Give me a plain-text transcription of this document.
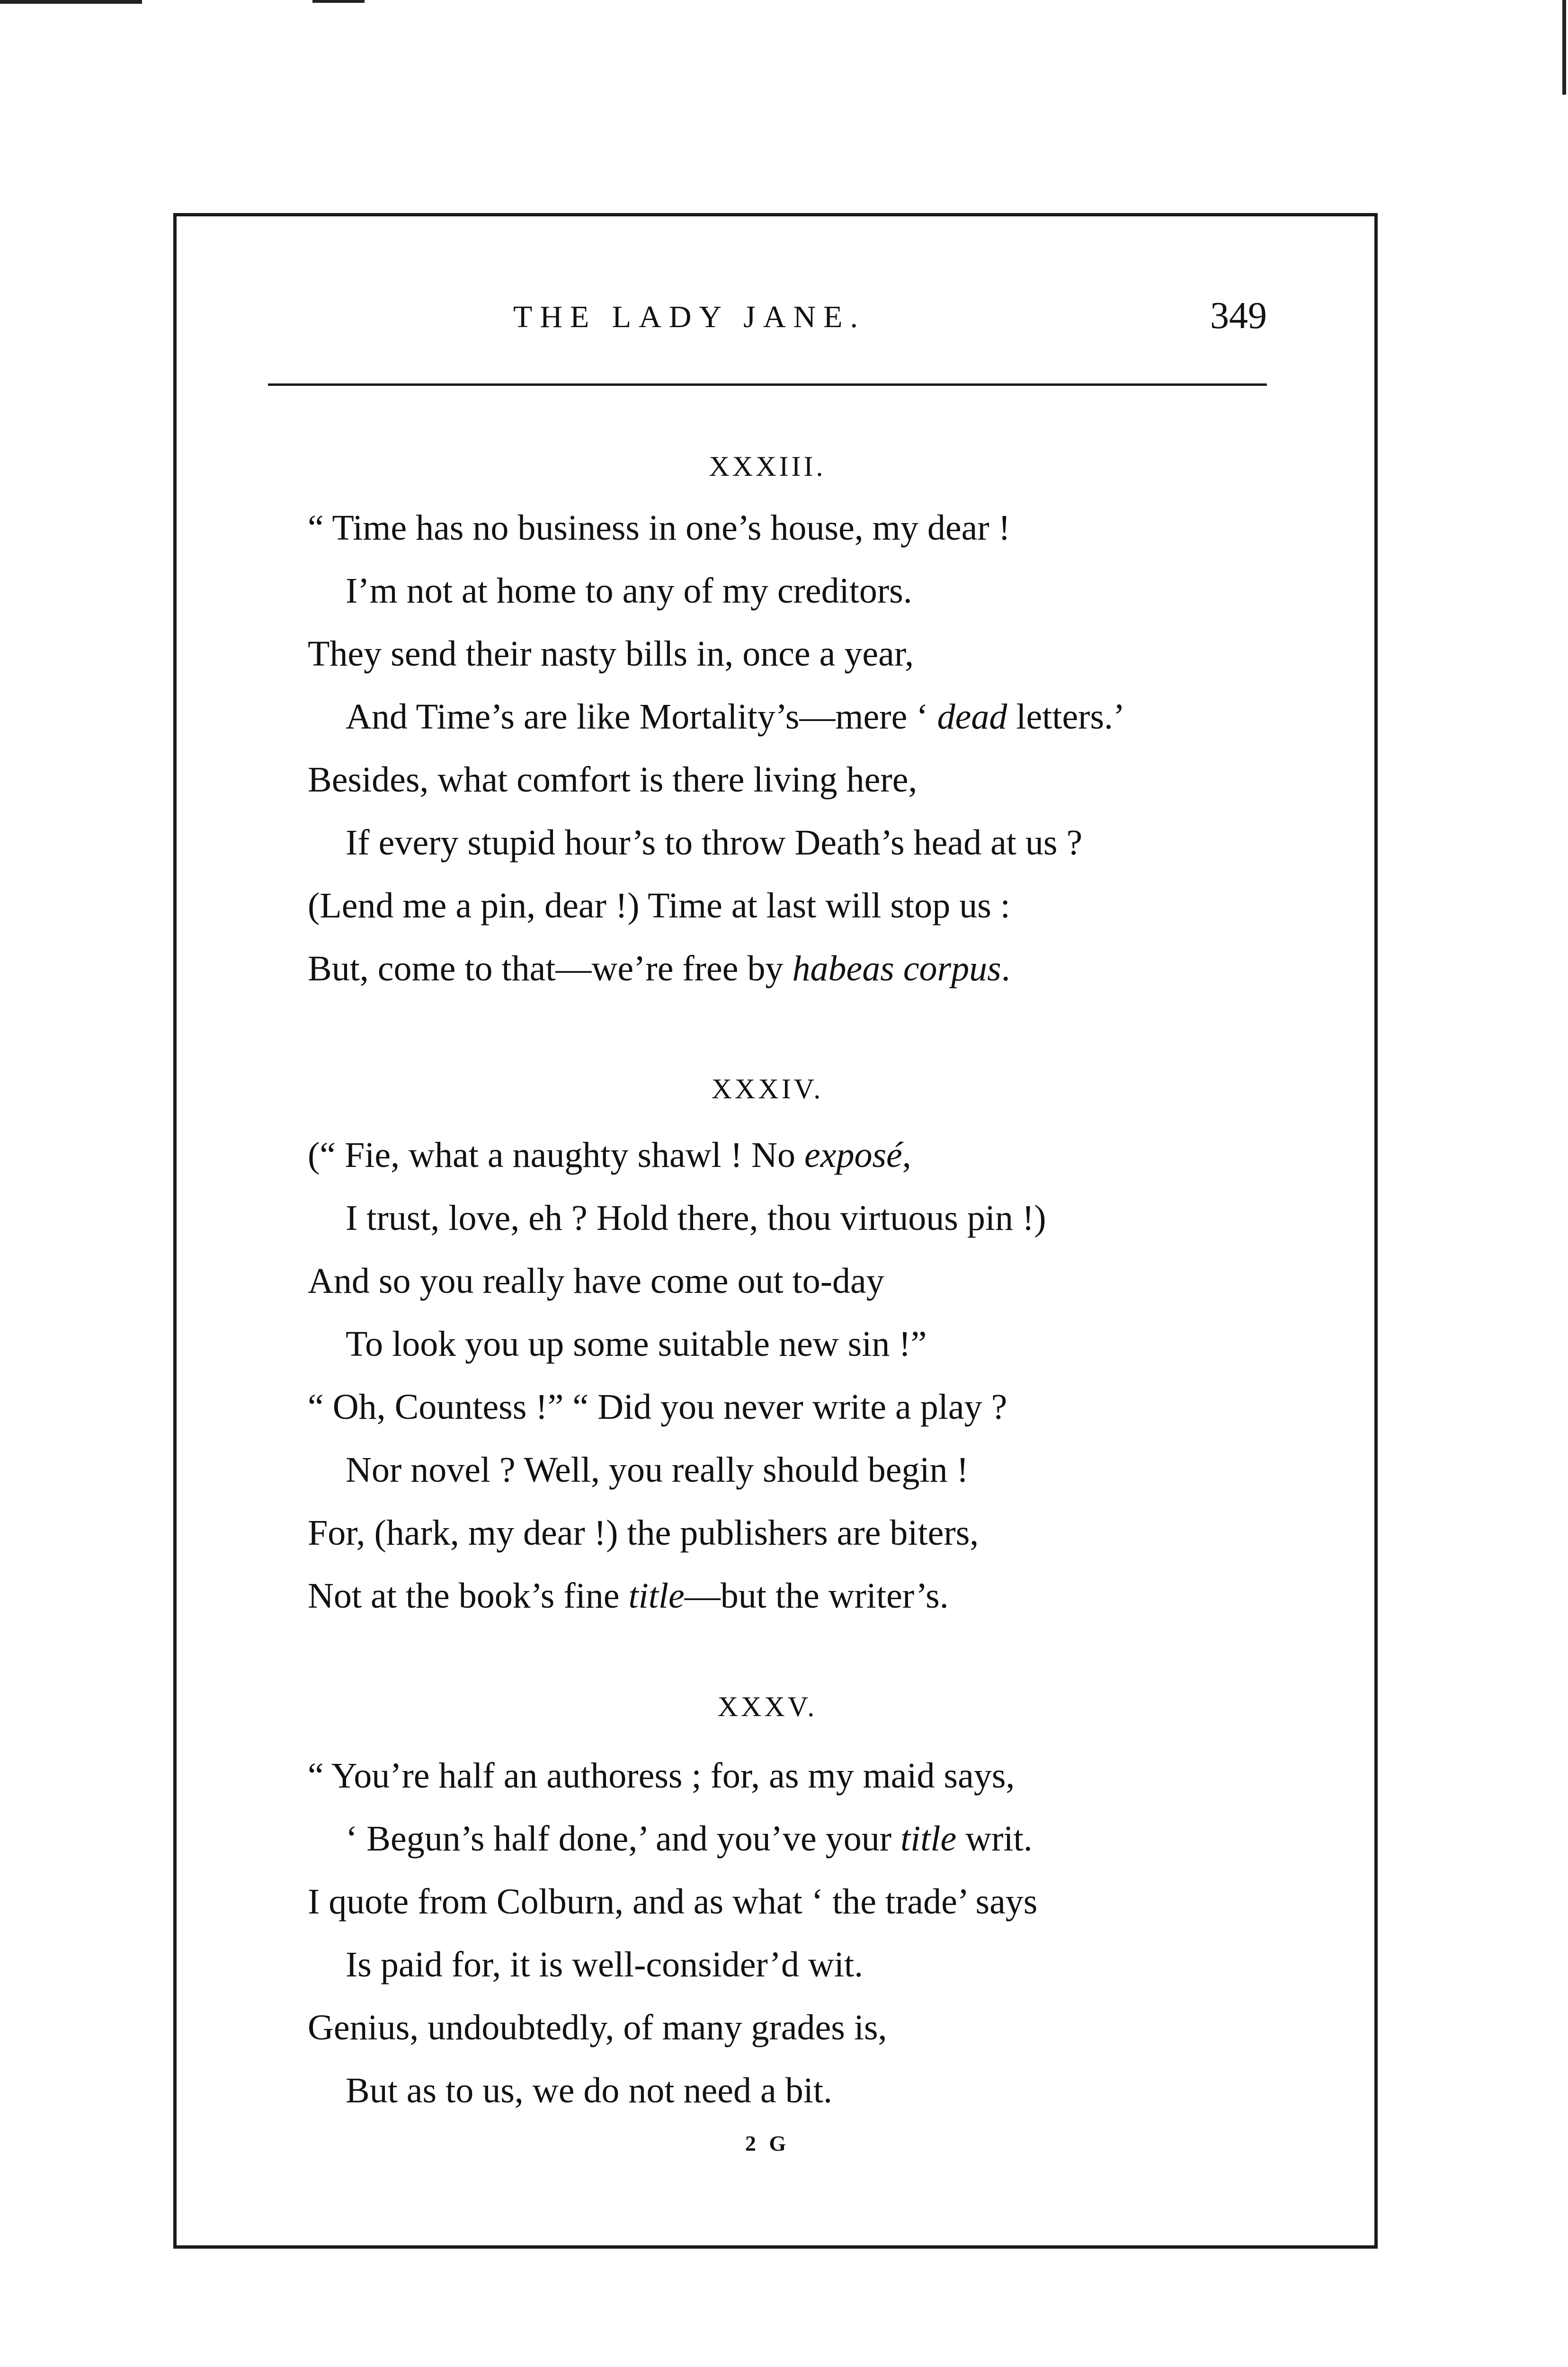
THE LADY JANE.	349
XXXIII.
“ Time has no business in one’s house, my dear !
I’m not at home to any of my creditors.
They send their nasty bills in, once a year,
And Time’s are like Mortality’s—mere ‘ dead letters.’
Besides, what comfort is there living here,
If every stupid hour’s to throw Death’s head at us ?
(Lend me a pin, dear !) Time at last will stop us :
But, come to that—we’re free by habeas corpus.
XXXIV.
(“ Fie, what a naughty shawl ! No exposé,
I trust, love, eh ? Hold there, thou virtuous pin !)
And so you really have come out to-day
To look you up some suitable new sin !”
“ Oh, Countess !” “ Did you never write a play ?
Nor novel ? Well, you really should begin !
For, (hark, my dear !) the publishers are biters,
Not at the book’s fine title—but the writer’s.
XXXV.
“ You’re half an authoress ; for, as my maid says,
‘ Begun’s half done,’ and you’ve your title writ.
I quote from Colburn, and as what ‘ the trade’ says
Is paid for, it is well-consider’d wit.
Genius, undoubtedly, of many grades is,
But as to us, we do not need a bit.
2 G
